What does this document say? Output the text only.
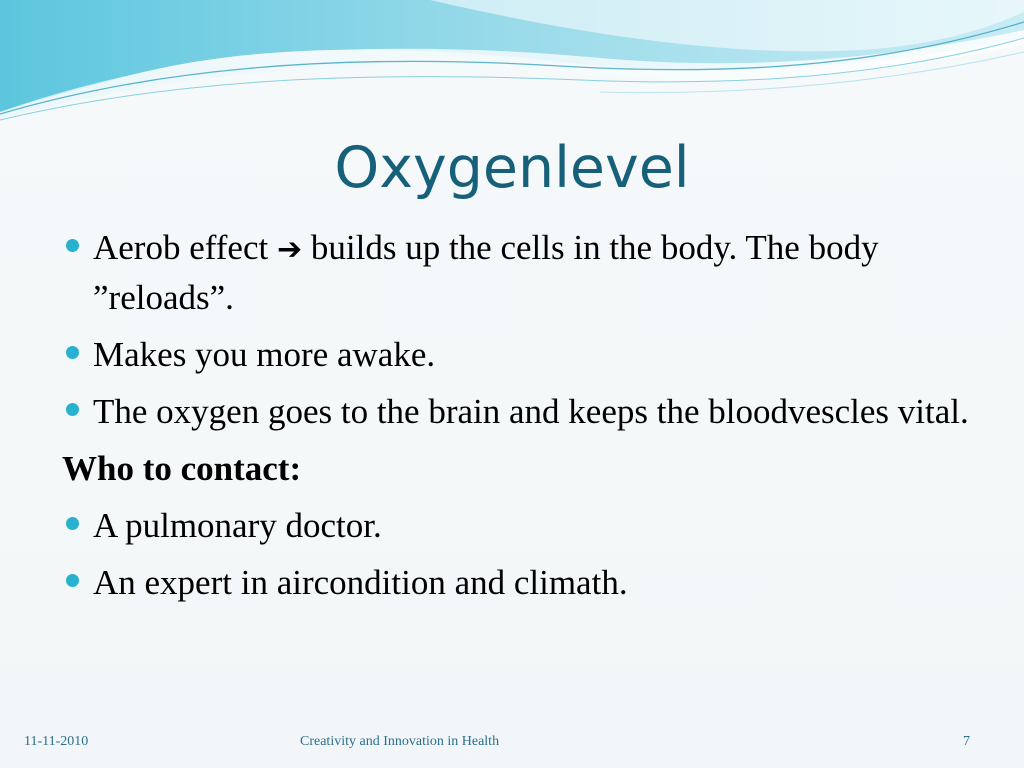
Oxygenlevel
Aerob effect ➔ builds up the cells in the body. The body ”reloads”.
Makes you more awake.
The oxygen goes to the brain and keeps the bloodvescles vital.
Who to contact:
A pulmonary doctor.
An expert in aircondition and climath.
11-11-2010	Creativity and Innovation in Health	7
